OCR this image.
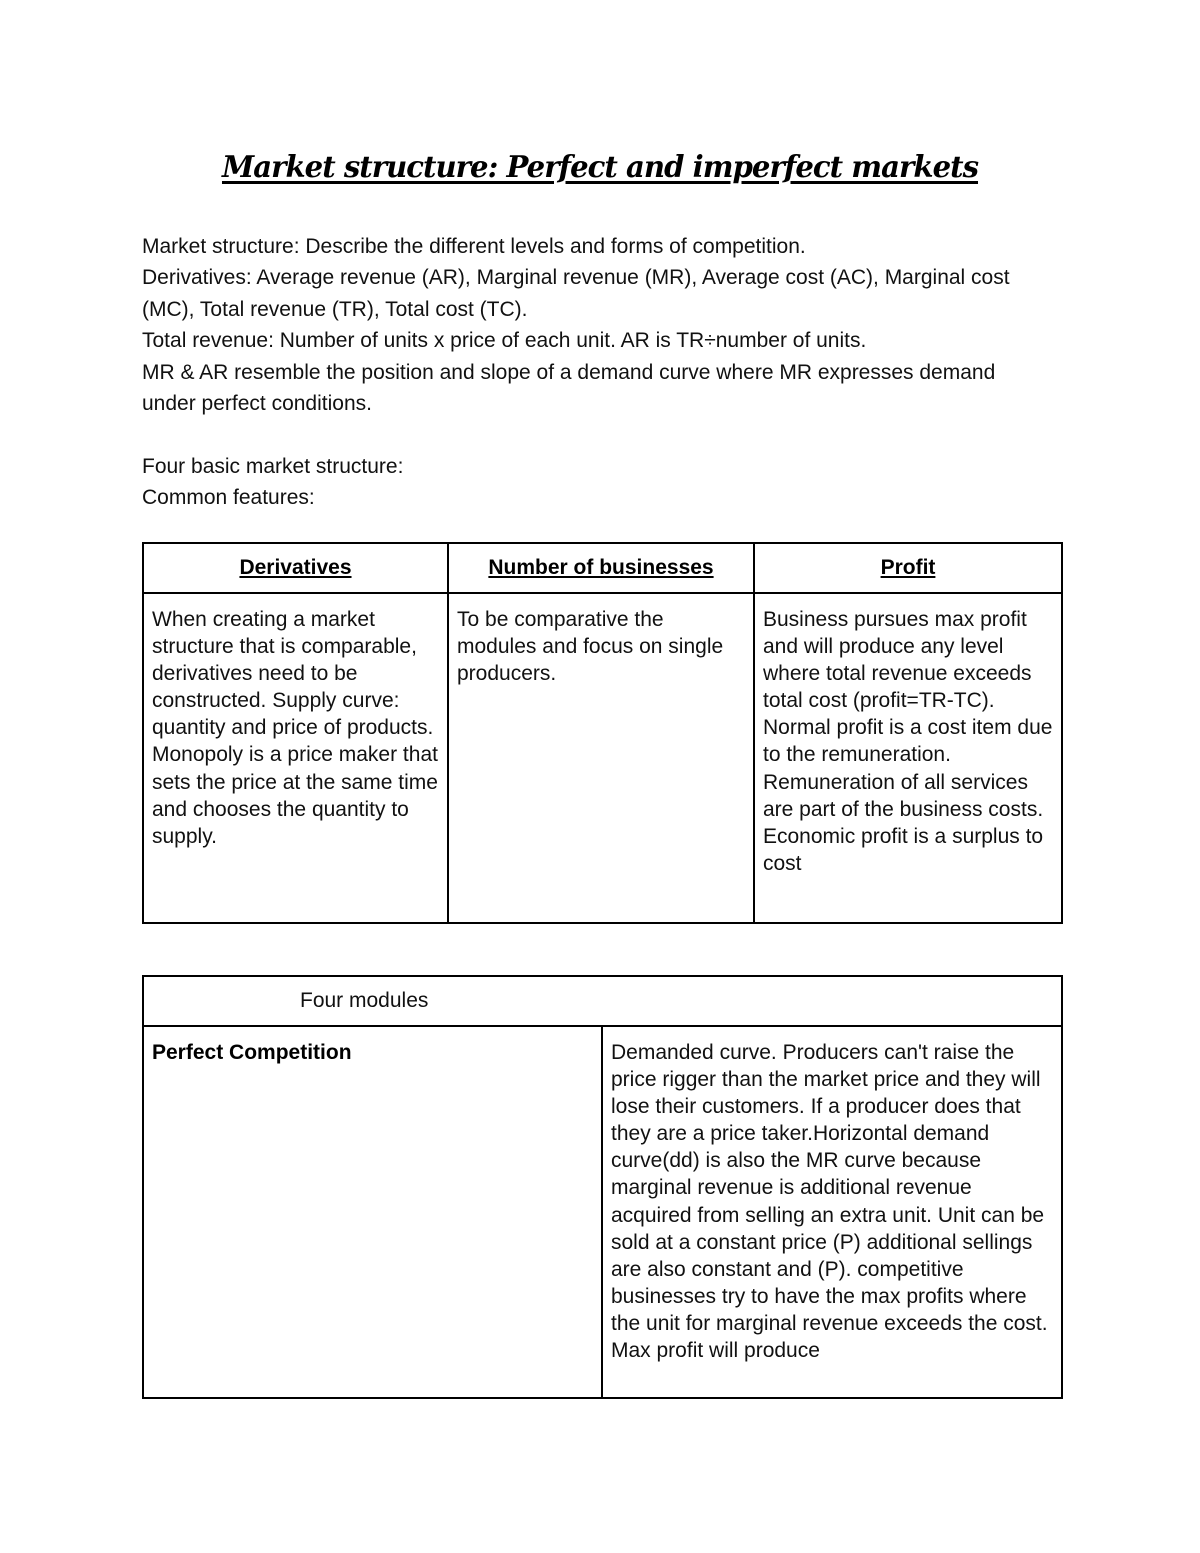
Market structure: Perfect and imperfect markets

Market structure: Describe the different levels and forms of competition.

Derivatives: Average revenue (AR), Marginal revenue (MR), Average cost (AC), Marginal cost (MC), Total revenue (TR), Total cost (TC).

Total revenue: Number of units x price of each unit. AR is TR÷number of units.

MR & AR resemble the position and slope of a demand curve where MR expresses demand under perfect conditions.

Four basic market structure:

Common features:

Derivatives	Number of businesses	Profit
When creating a market structure that is comparable, derivatives need to be constructed. Supply curve: quantity and price of products. Monopoly is a price maker that sets the price at the same time and chooses the quantity to supply.	To be comparative the modules and focus on single producers.	Business pursues max profit and will produce any level where total revenue exceeds total cost (profit=TR-TC). Normal profit is a cost item due to the remuneration. Remuneration of all services are part of the business costs. Economic profit is a surplus to cost
Four modules
Perfect Competition	Demanded curve. Producers can't raise the price rigger than the market price and they will lose their customers. If a producer does that they are a price taker.Horizontal demand curve(dd) is also the MR curve because marginal revenue is additional revenue acquired from selling an extra unit. Unit can be sold at a constant price (P) additional sellings are also constant and (P). competitive businesses try to have the max profits where the unit for marginal revenue exceeds the cost. Max profit will produce
